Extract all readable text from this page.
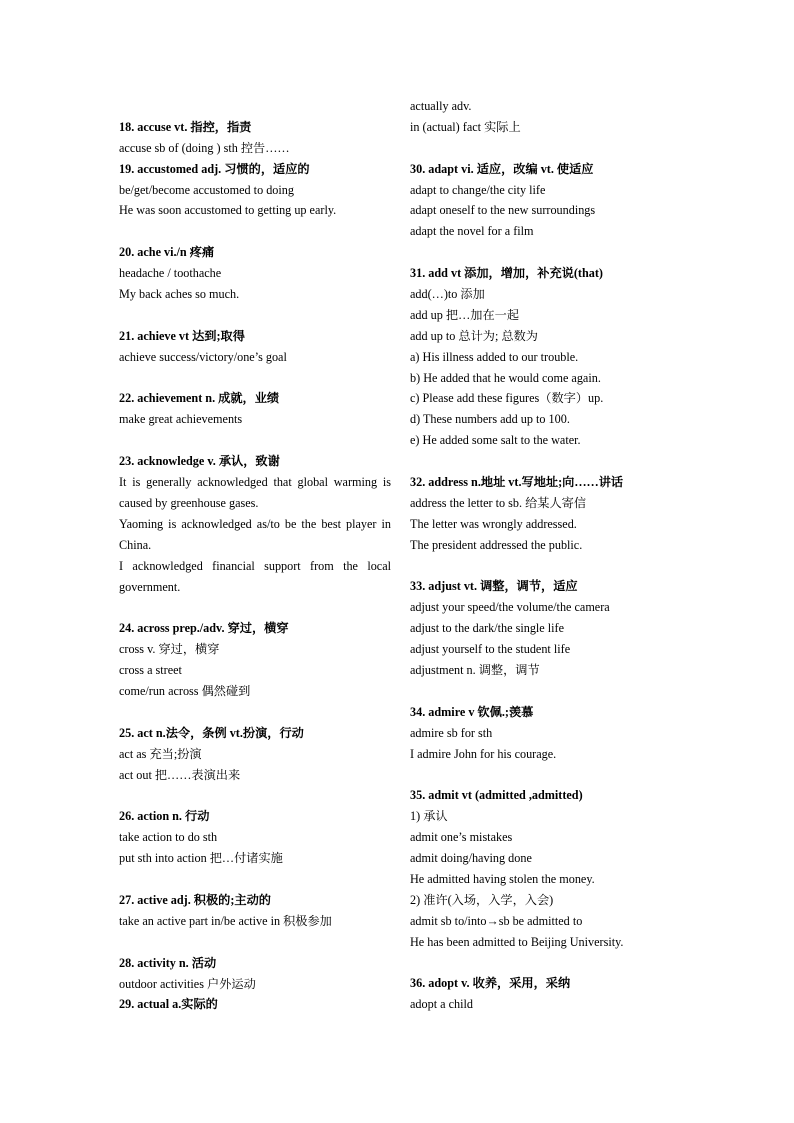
18. accuse vt. 指控，指责
accuse sb of (doing ) sth 控告……
19. accustomed adj. 习惯的，适应的
be/get/become accustomed to doing
He was soon accustomed to getting up early.
20. ache vi./n 疼痛
headache / toothache
My back aches so much.
21. achieve vt 达到;取得
achieve success/victory/one’s goal
22. achievement n. 成就，业绩
make great achievements
23. acknowledge v. 承认，致谢
It is generally acknowledged that global warming is caused by greenhouse gases.
Yaoming is acknowledged as/to be the best player in China.
I acknowledged financial support from the local government.
24. across prep./adv. 穿过，横穿
cross v. 穿过，横穿
cross a street
come/run across 偶然碰到
25. act n.法令，条例 vt.扮演，行动
act as 充当;扮演
act out 把……表演出来
26. action n. 行动
take action to do sth
put sth into action 把…付诸实施
27. active adj. 积极的;主动的
take an active part in/be active in 积极参加
28. activity n. 活动
outdoor activities 户外运动
29. actual a.实际的
actually adv.
in (actual) fact 实际上
30. adapt vi. 适应，改编 vt. 使适应
adapt to change/the city life
adapt oneself to the new surroundings
adapt the novel for a film
31. add vt 添加，增加，补充说(that)
add(…)to 添加
add up 把…加在一起
add up to 总计为; 总数为
a) His illness added to our trouble.
b) He added that he would come again.
c) Please add these figures（数字）up.
d) These numbers add up to 100.
e) He added some salt to the water.
32. address n.地址 vt.写地址;向……讲话
address the letter to sb. 给某人寄信
The letter was wrongly addressed.
The president addressed the public.
33. adjust vt. 调整，调节，适应
adjust your speed/the volume/the camera
adjust to the dark/the single life
adjust yourself to the student life
adjustment n. 调整，调节
34. admire v 钦佩.;羡慕
admire sb for sth
I admire John for his courage.
35. admit vt (admitted ,admitted)
1) 承认
admit one’s mistakes
admit doing/having done
He admitted having stolen the money.
2) 准许(入场，入学，入会)
admit sb to/into→sb be admitted to
He has been admitted to Beijing University.
36. adopt v. 收养，采用，采纳
adopt a child
